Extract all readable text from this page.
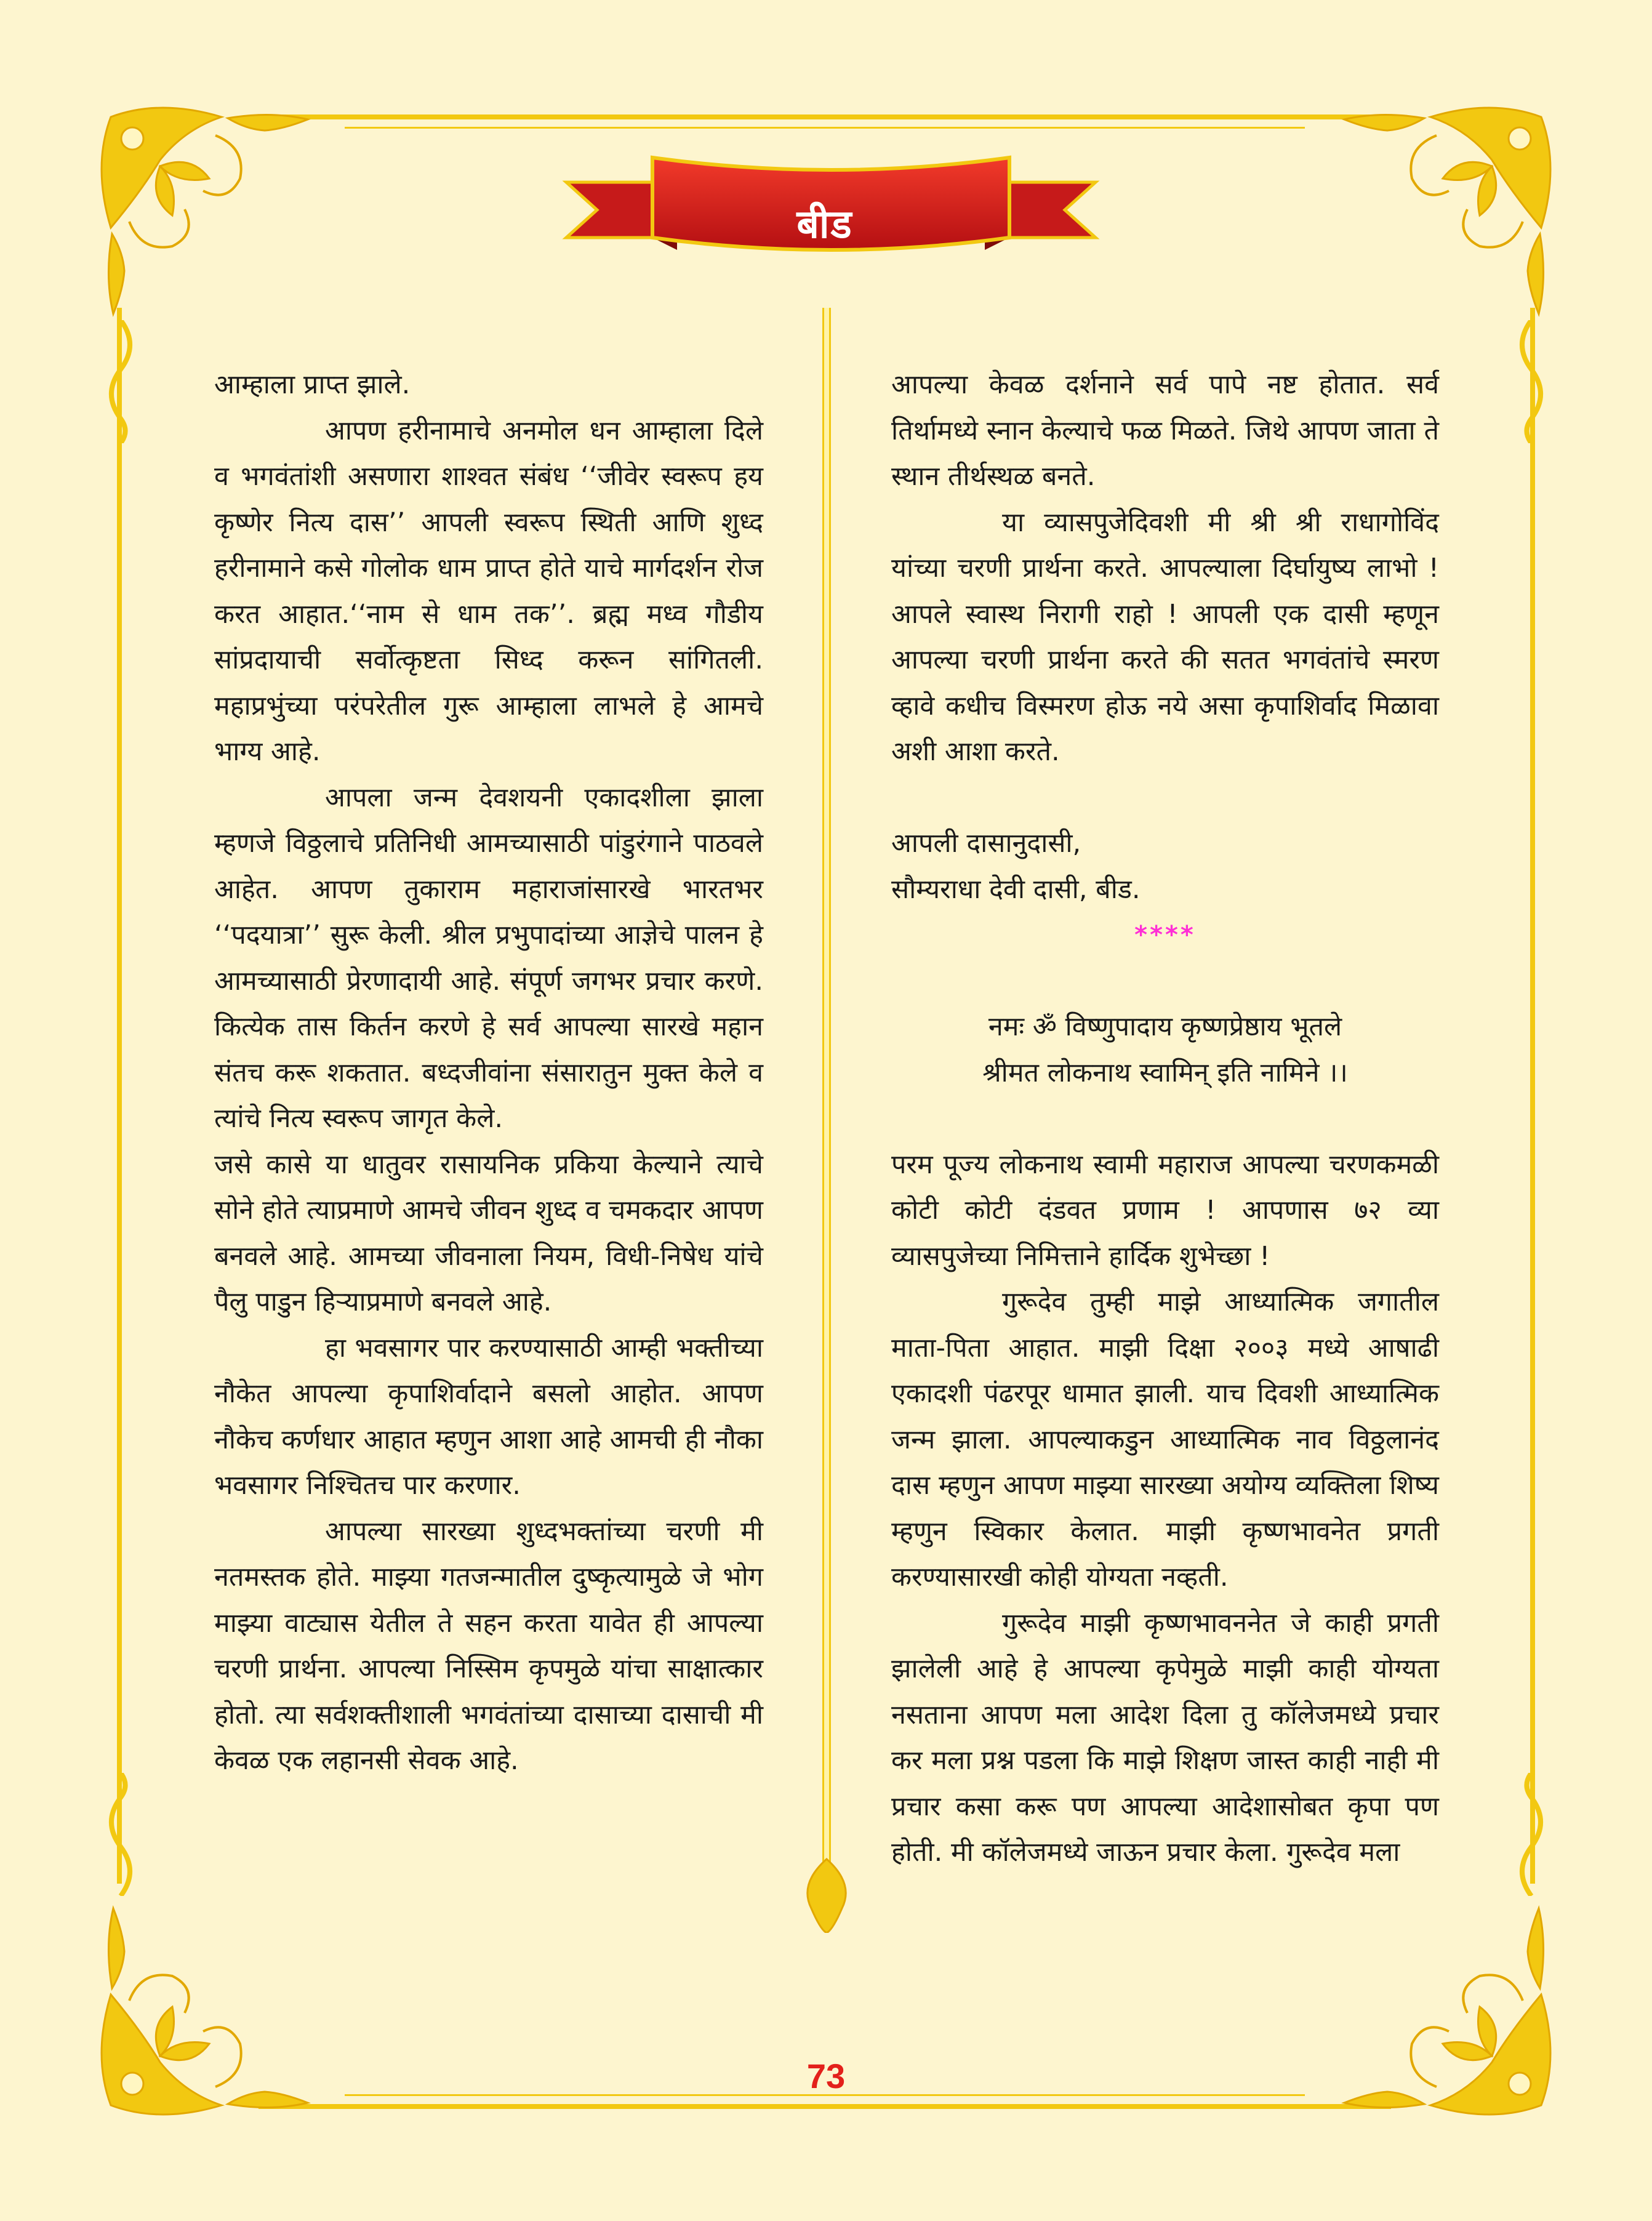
बीड

आम्हाला प्राप्त झाले.

आपण हरीनामाचे अनमोल धन आम्हाला दिले व भगवंतांशी असणारा शाश्वत संबंध ‘‘जीवेर स्वरूप हय कृष्णेर नित्य दास’’ आपली स्वरूप स्थिती आणि शुध्द हरीनामाने कसे गोलोक धाम प्राप्त होते याचे मार्गदर्शन रोज करत आहात.‘‘नाम से धाम तक’’. ब्रह्म मध्व गौडीय सांप्रदायाची सर्वोत्कृष्टता सिध्द करून सांगितली. महाप्रभुंच्या परंपरेतील गुरू आम्हाला लाभले हे आमचे भाग्य आहे.

आपला जन्म देवशयनी एकादशीला झाला म्हणजे विठ्ठलाचे प्रतिनिधी आमच्यासाठी पांडुरंगाने पाठवले आहेत. आपण तुकाराम महाराजांसारखे भारतभर ‘‘पदयात्रा’’ सुरू केली. श्रील प्रभुपादांच्या आज्ञेचे पालन हे आमच्यासाठी प्रेरणादायी आहे. संपूर्ण जगभर प्रचार करणे. कित्येक तास किर्तन करणे हे सर्व आपल्या सारखे महान संतच करू शकतात. बध्दजीवांना संसारातुन मुक्त केले व त्यांचे नित्य स्वरूप जागृत केले.

जसे कासे या धातुवर रासायनिक प्रकिया केल्याने त्याचे सोने होते त्याप्रमाणे आमचे जीवन शुध्द व चमकदार आपण बनवले आहे. आमच्या जीवनाला नियम, विधी-निषेध यांचे पैलु पाडुन हिऱ्याप्रमाणे बनवले आहे.

हा भवसागर पार करण्यासाठी आम्ही भक्तीच्या नौकेत आपल्या कृपाशिर्वादाने बसलो आहोत. आपण नौकेच कर्णधार आहात म्हणुन आशा आहे आमची ही नौका भवसागर निश्चितच पार करणार.

आपल्या सारख्या शुध्दभक्तांच्या चरणी मी नतमस्तक होते. माझ्या गतजन्मातील दुष्कृत्यामुळे जे भोग माझ्या वाट्यास येतील ते सहन करता यावेत ही आपल्या चरणी प्रार्थना. आपल्या निस्सिम कृपमुळे यांचा साक्षात्कार होतो. त्या सर्वशक्तीशाली भगवंतांच्या दासाच्या दासाची मी केवळ एक लहानसी सेवक आहे.

आपल्या केवळ दर्शनाने सर्व पापे नष्ट होतात. सर्व तिर्थामध्ये स्नान केल्याचे फळ मिळते. जिथे आपण जाता ते स्थान तीर्थस्थळ बनते.

या व्यासपुजेदिवशी मी श्री श्री राधागोविंद यांच्या चरणी प्रार्थना करते. आपल्याला दिर्घायुष्य लाभो ! आपले स्वास्थ निरागी राहो ! आपली एक दासी म्हणून आपल्या चरणी प्रार्थना करते की सतत भगवंतांचे स्मरण व्हावे कधीच विस्मरण होऊ नये असा कृपाशिर्वाद मिळावा अशी आशा करते.

आपली दासानुदासी,

सौम्यराधा देवी दासी, बीड.

****

नमः ॐ विष्णुपादाय कृष्णप्रेष्ठाय भूतले

श्रीमत लोकनाथ स्वामिन् इति नामिने ।।

परम पूज्य लोकनाथ स्वामी महाराज आपल्या चरणकमळी कोटी कोटी दंडवत प्रणाम ! आपणास ७२ व्या व्यासपुजेच्या निमित्ताने हार्दिक शुभेच्छा !

गुरूदेव तुम्ही माझे आध्यात्मिक जगातील माता-पिता आहात. माझी दिक्षा २००३ मध्ये आषाढी एकादशी पंढरपूर धामात झाली. याच दिवशी आध्यात्मिक जन्म झाला. आपल्याकडुन आध्यात्मिक नाव विठ्ठलानंद दास म्हणुन आपण माझ्या सारख्या अयोग्य व्यक्तिला शिष्य म्हणुन स्विकार केलात. माझी कृष्णभावनेत प्रगती करण्यासारखी कोही योग्यता नव्हती.

गुरूदेव माझी कृष्णभावननेत जे काही प्रगती झालेली आहे हे आपल्या कृपेमुळे माझी काही योग्यता नसताना आपण मला आदेश दिला तु कॉलेजमध्ये प्रचार कर मला प्रश्न पडला कि माझे शिक्षण जास्त काही नाही मी प्रचार कसा करू पण आपल्या आदेशासोबत कृपा पण होती. मी कॉलेजमध्ये जाऊन प्रचार केला. गुरूदेव मला

73
